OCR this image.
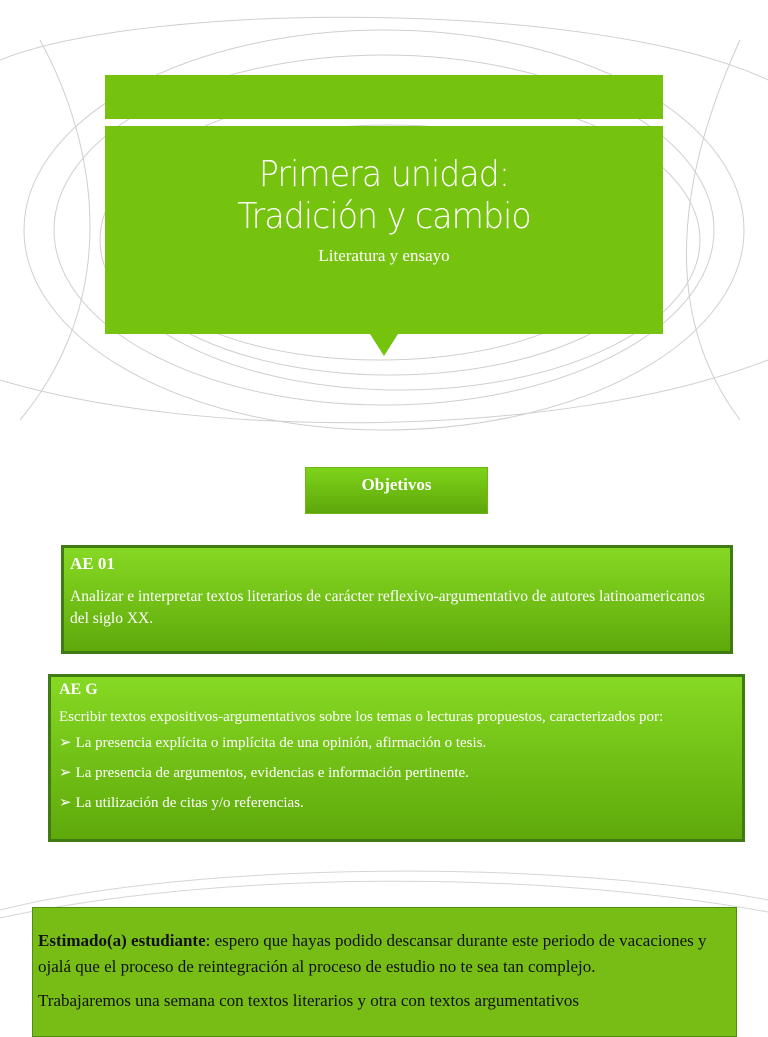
Primera unidad:
Tradición y cambio
Literatura y ensayo
Objetivos
AE 01
Analizar e interpretar textos literarios de carácter reflexivo-argumentativo de autores latinoamericanos del siglo XX.
AE G
Escribir textos expositivos-argumentativos sobre los temas o lecturas propuestos, caracterizados por:
➢ La presencia explícita o implícita de una opinión, afirmación o tesis.
➢ La presencia de argumentos, evidencias e información pertinente.
➢ La utilización de citas y/o referencias.
Estimado(a) estudiante: espero que hayas podido descansar durante este periodo de vacaciones y ojalá que el proceso de reintegración al proceso de estudio no te sea tan complejo.
Trabajaremos una semana con textos literarios y otra con textos argumentativos
